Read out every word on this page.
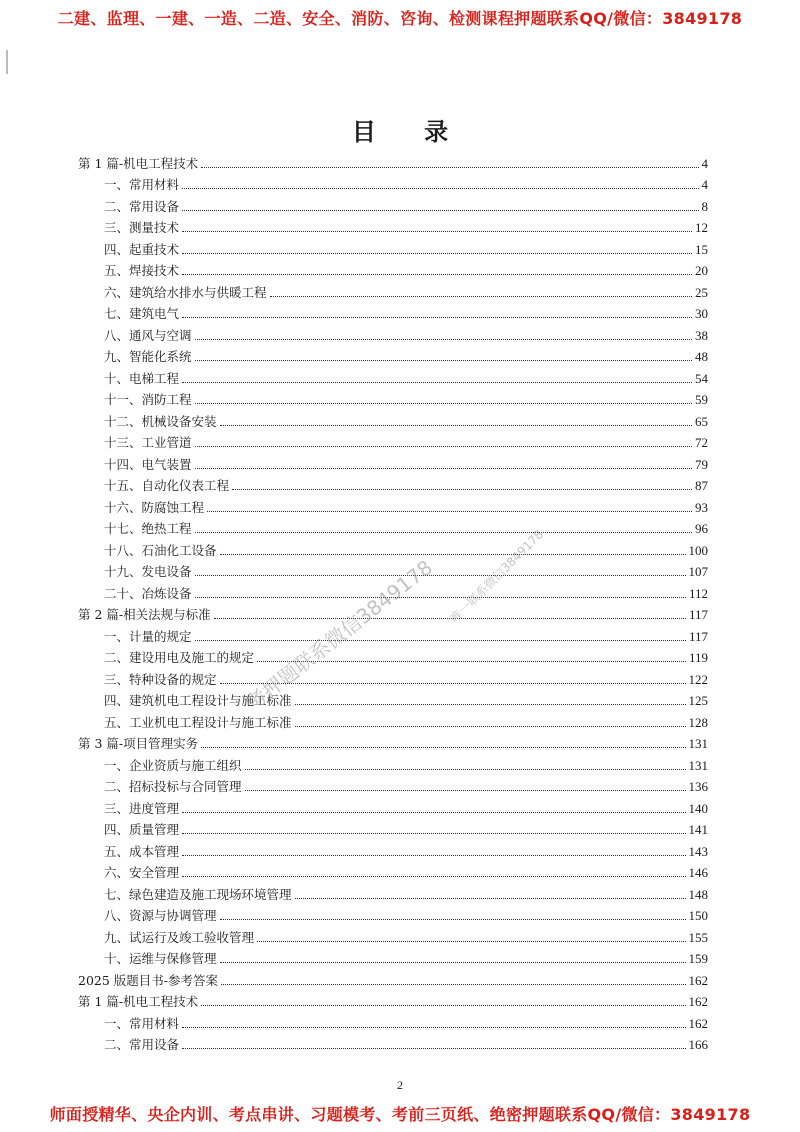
二建、监理、一建、一造、二造、安全、消防、咨询、检测课程押题联系QQ/微信：3849178
目 录
第 1 篇-机电工程技术	4
一、常用材料	4
二、常用设备	8
三、测量技术	12
四、起重技术	15
五、焊接技术	20
六、建筑给水排水与供暖工程	25
七、建筑电气	30
八、通风与空调	38
九、智能化系统	48
十、电梯工程	54
十一、消防工程	59
十二、机械设备安装	65
十三、工业管道	72
十四、电气装置	79
十五、自动化仪表工程	87
十六、防腐蚀工程	93
十七、绝热工程	96
十八、石油化工设备	100
十九、发电设备	107
二十、冶炼设备	112
第 2 篇-相关法规与标准	117
一、计量的规定	117
二、建设用电及施工的规定	119
三、特种设备的规定	122
四、建筑机电工程设计与施工标准	125
五、工业机电工程设计与施工标准	128
第 3 篇-项目管理实务	131
一、企业资质与施工组织	131
二、招标投标与合同管理	136
三、进度管理	140
四、质量管理	141
五、成本管理	143
六、安全管理	146
七、绿色建造及施工现场环境管理	148
八、资源与协调管理	150
九、试运行及竣工验收管理	155
十、运维与保修管理	159
2025 版题目书-参考答案	162
第 1 篇-机电工程技术	162
一、常用材料	162
二、常用设备	166
考押题联系微信3849178 唯一联系微信3849178
2
师面授精华、央企内训、考点串讲、习题模考、考前三页纸、绝密押题联系QQ/微信：3849178
